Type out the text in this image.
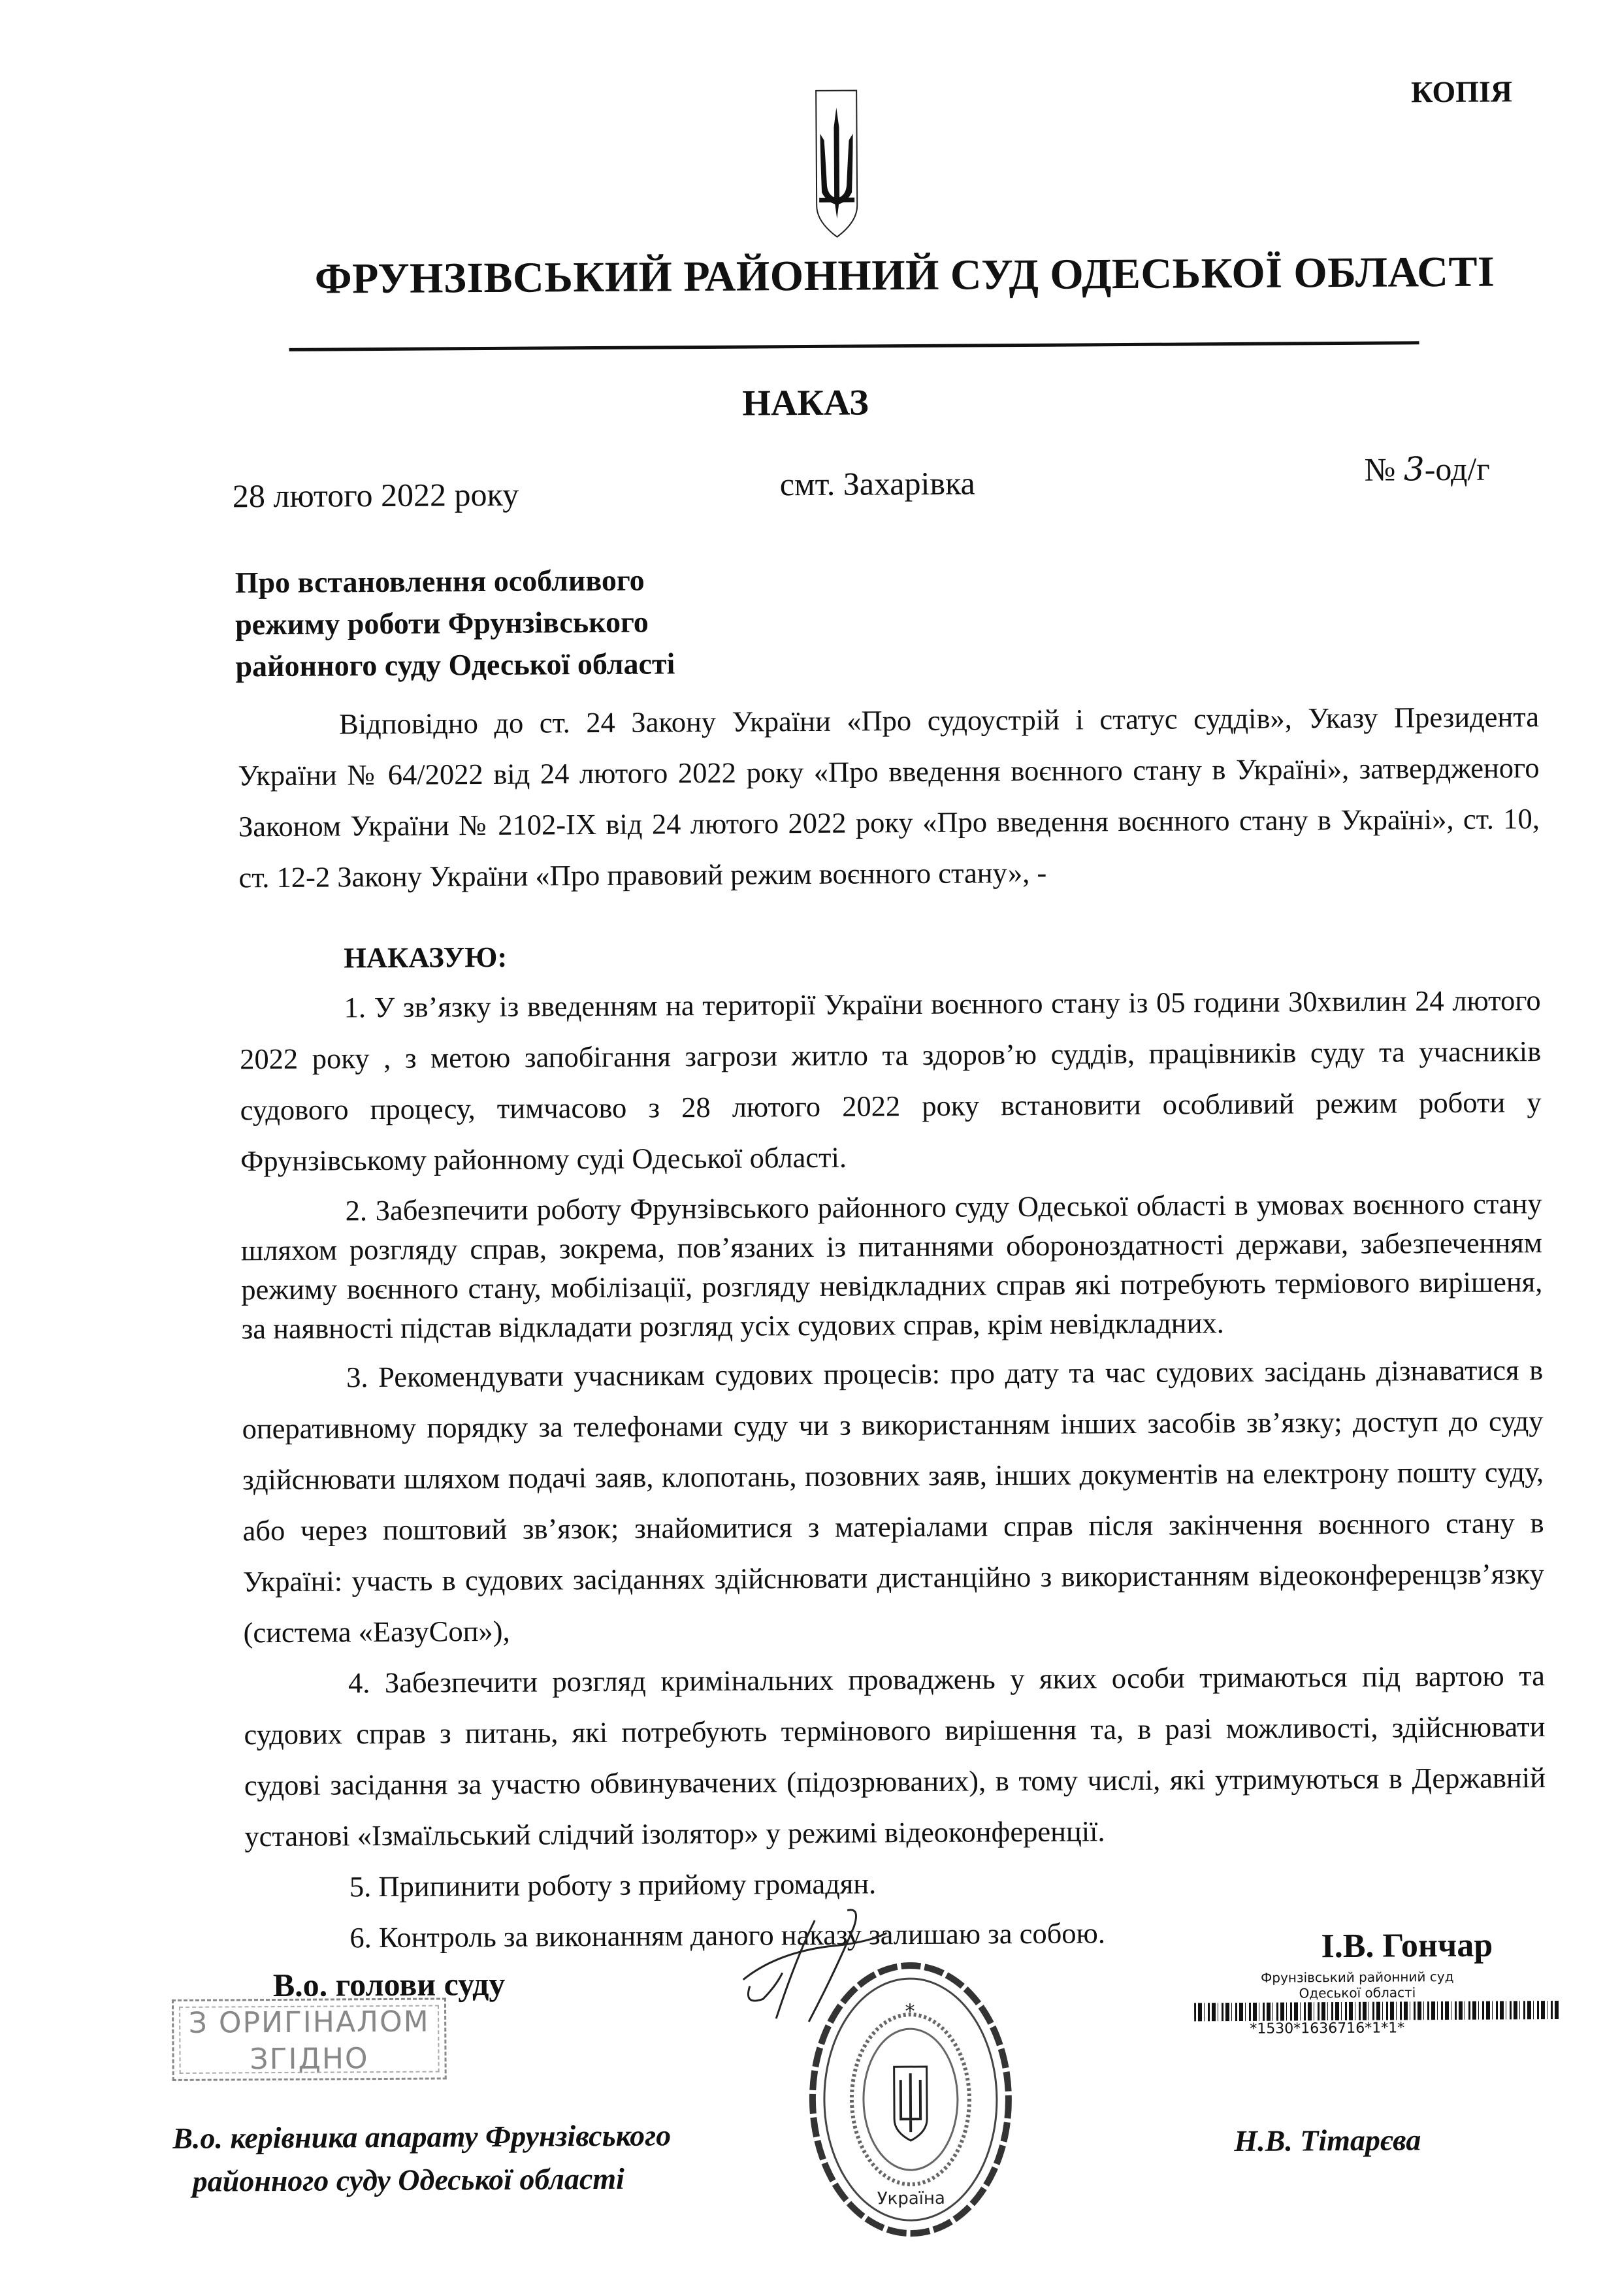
КОПІЯ
ФРУНЗІВСЬКИЙ РАЙОННИЙ СУД ОДЕСЬКОЇ ОБЛАСТІ
НАКАЗ
28 лютого 2022 року	смт. Захарівка	№ 3-од/г
Про встановлення особливого
режиму роботи Фрунзівського
районного суду Одеської області

Відповідно до ст. 24 Закону України «Про судоустрій і статус суддів», Указу Президента України № 64/2022 від 24 лютого 2022 року «Про введення воєнного стану в Україні», затвердженого Законом України № 2102-IX від 24 лютого 2022 року «Про введення воєнного стану в Україні», ст. 10, ст. 12-2 Закону України «Про правовий режим воєнного стану», -

НАКАЗУЮ:

1. У зв’язку із введенням на території України воєнного стану із 05 години 30хвилин 24 лютого 2022 року , з метою запобігання загрози житло та здоров’ю суддів, працівників суду та учасників судового процесу, тимчасово з 28 лютого 2022 року встановити особливий режим роботи у Фрунзівському районному суді Одеської області.

2. Забезпечити роботу Фрунзівського районного суду Одеської області в умовах воєнного стану шляхом розгляду справ, зокрема, пов’язаних із питаннями обороноздатності держави, забезпеченням режиму воєнного стану, мобілізації, розгляду невідкладних справ які потребують терміового вирішеня, за наявності підстав відкладати розгляд усіх судових справ, крім невідкладних.

3. Рекомендувати учасникам судових процесів: про дату та час судових засідань дізнаватися в оперативному порядку за телефонами суду чи з використанням інших засобів зв’язку; доступ до суду здійснювати шляхом подачі заяв, клопотань, позовних заяв, інших документів на електрону пошту суду, або через поштовий зв’язок; знайомитися з матеріалами справ після закінчення воєнного стану в Україні: участь в судових засіданнях здійснювати дистанційно з використанням відеоконференцзв’язку (система «ЕазуСоп»),

4. Забезпечити розгляд кримінальних проваджень у яких особи тримаються під вартою та судових справ з питань, які потребують термінового вирішення та, в разі можливості, здійснювати судові засідання за участю обвинувачених (підозрюваних), в тому числі, які утримуються в Державній установі «Ізмаїльський слідчий ізолятор» у режимі відеоконференції.

5. Припинити роботу з прийому громадян.

6. Контроль за виконанням даного наказу залишаю за собою.

В.о. голови суду
І.В. Гончар
*
Україна
З ОРИГІНАЛОМ
ЗГІДНО
Фрунзівський районний суд
Одеської області
*1530*1636716*1*1*
В.о. керівника апарату Фрунзівського
районного суду Одеської області
Н.В. Тітарєва
